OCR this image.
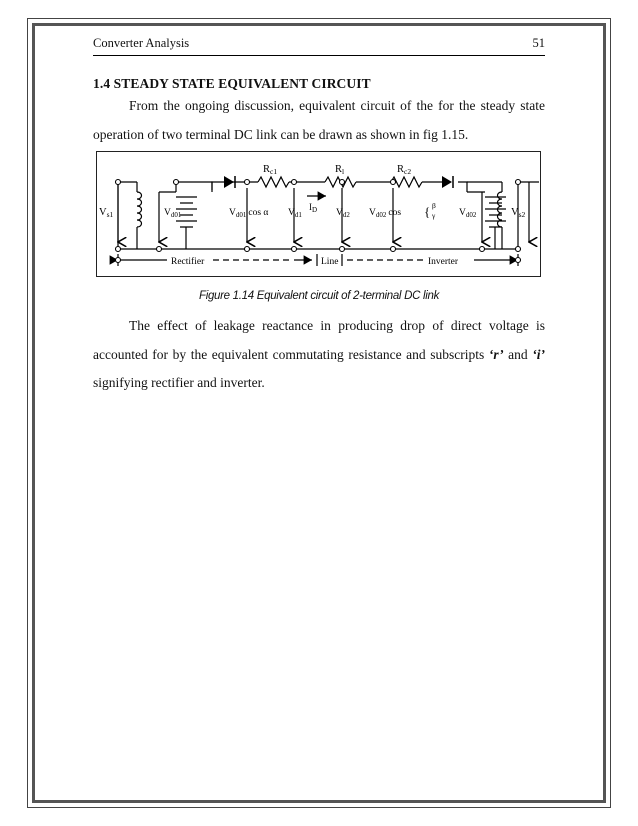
Converter Analysis	51
1.4 STEADY STATE EQUIVALENT CIRCUIT
From the ongoing discussion, equivalent circuit of the for the steady state operation of two terminal DC link can be drawn as shown in fig 1.15.
Rc1	Rl	Rc2
$I_D$
Vs1	$V_{d01}$	$V_{d01}$ cos α $V_{d1}$	$V_{d2}$ $V_{d02}$ cos { β
γ $V_{d02}$	Vs2
Rectifier	Line	Inverter
Figure 1.14 Equivalent circuit of 2-terminal DC link
The effect of leakage reactance in producing drop of direct voltage is accounted for by the equivalent commutating resistance and subscripts ‘r’ and ‘i’ signifying rectifier and inverter.
